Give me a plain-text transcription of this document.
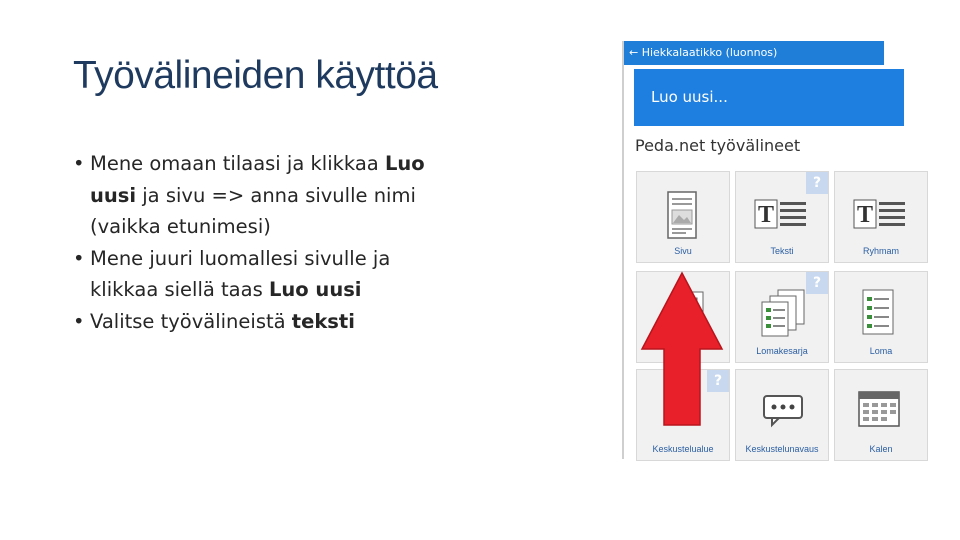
Työvälineiden käyttöä
• Mene omaan tilaasi ja klikkaa Luo uusi ja sivu => anna sivulle nimi (vaikka etunimesi)
• Mene juuri luomallesi sivulle ja klikkaa siellä taas Luo uusi
• Valitse työvälineistä teksti
← Hiekkalaatikko (luonnos)
Luo uusi...
Peda.net työvälineet
Sivu
?
T
Teksti
T
Ryhmam
?
Lomakesarja	Loma
?
Keskustelualue	Keskustelunavaus	Kalen
